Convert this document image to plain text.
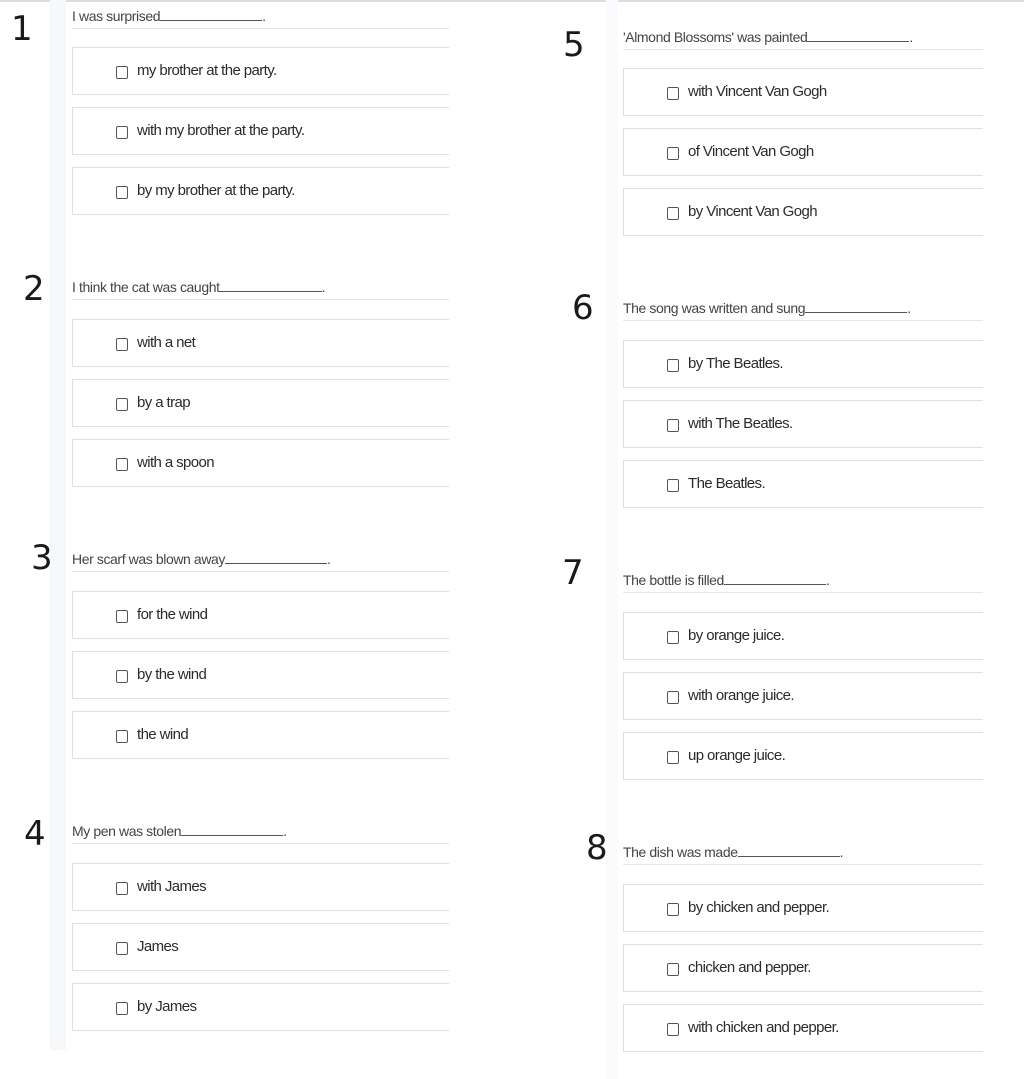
1	I was surprised	.
my brother at the party.
with my brother at the party.
by my brother at the party.
2 I think the cat was caught	.
with a net
by a trap
with a spoon
3 Her scarf was blown away	.
for the wind
by the wind
the wind
4 My pen was stolen	.
with James
James
by James
5	'Almond Blossoms' was painted	.
with Vincent Van Gogh
of Vincent Van Gogh
by Vincent Van Gogh
6 The song was written and sung	.
by The Beatles.
with The Beatles.
The Beatles.
7	The bottle is filled	.
by orange juice.
with orange juice.
up orange juice.
8 The dish was made	.
by chicken and pepper.
chicken and pepper.
with chicken and pepper.
